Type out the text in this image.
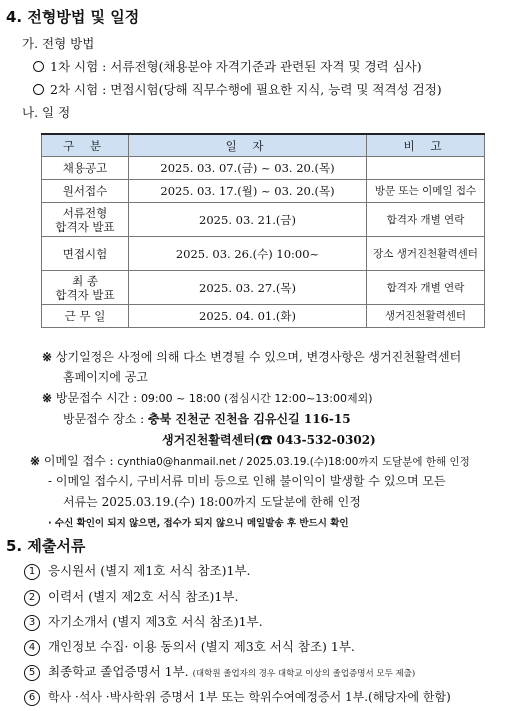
4. 전형방법 및 일정
가. 전형 방법
1차 시험 : 서류전형(채용분야 자격기준과 관련된 자격 및 경력 심사)
2차 시험 : 면접시험(당해 직무수행에 필요한 지식, 능력 및 적격성 검정)
나. 일 정
구 분	일 자	비 고
채용공고	2025. 03. 07.(금) ~ 03. 20.(목)	
원서접수	2025. 03. 17.(월) ~ 03. 20.(목)	방문 또는 이메일 접수
서류전형
합격자 발표	2025. 03. 21.(금)	합격자 개별 연락
면접시험	2025. 03. 26.(수) 10:00~	장소 생거진천활력센터
최 종
합격자 발표	2025. 03. 27.(목)	합격자 개별 연락
근 무 일	2025. 04. 01.(화)	생거진천활력센터
※ 상기일정은 사정에 의해 다소 변경될 수 있으며, 변경사항은 생거진천활력센터
홈페이지에 공고
※ 방문접수 시간 : 09:00 ~ 18:00 (점심시간 12:00~13:00제외)
방문접수 장소 : 충북 진천군 진천읍 김유신길 116-15
생거진천활력센터(☎ 043-532-0302)
※ 이메일 접수 : cynthia0@hanmail.net / 2025.03.19.(수)18:00까지 도달분에 한해 인정
- 이메일 접수시, 구비서류 미비 등으로 인해 불이익이 발생할 수 있으며 모든
서류는 2025.03.19.(수) 18:00까지 도달분에 한해 인정
· 수신 확인이 되지 않으면, 접수가 되지 않으니 메일발송 후 반드시 확인
5. 제출서류
1 응시원서 (별지 제1호 서식 참조)1부.
2 이력서 (별지 제2호 서식 참조)1부.
3 자기소개서 (별지 제3호 서식 참조)1부.
4 개인정보 수집· 이용 동의서 (별지 제3호 서식 참조) 1부.
5 최종학교 졸업증명서 1부. (대학원 졸업자의 경우 대학교 이상의 졸업증명서 모두 제출)
6 학사 ·석사 ·박사학위 증명서 1부 또는 학위수여예정증서 1부.(해당자에 한함)
